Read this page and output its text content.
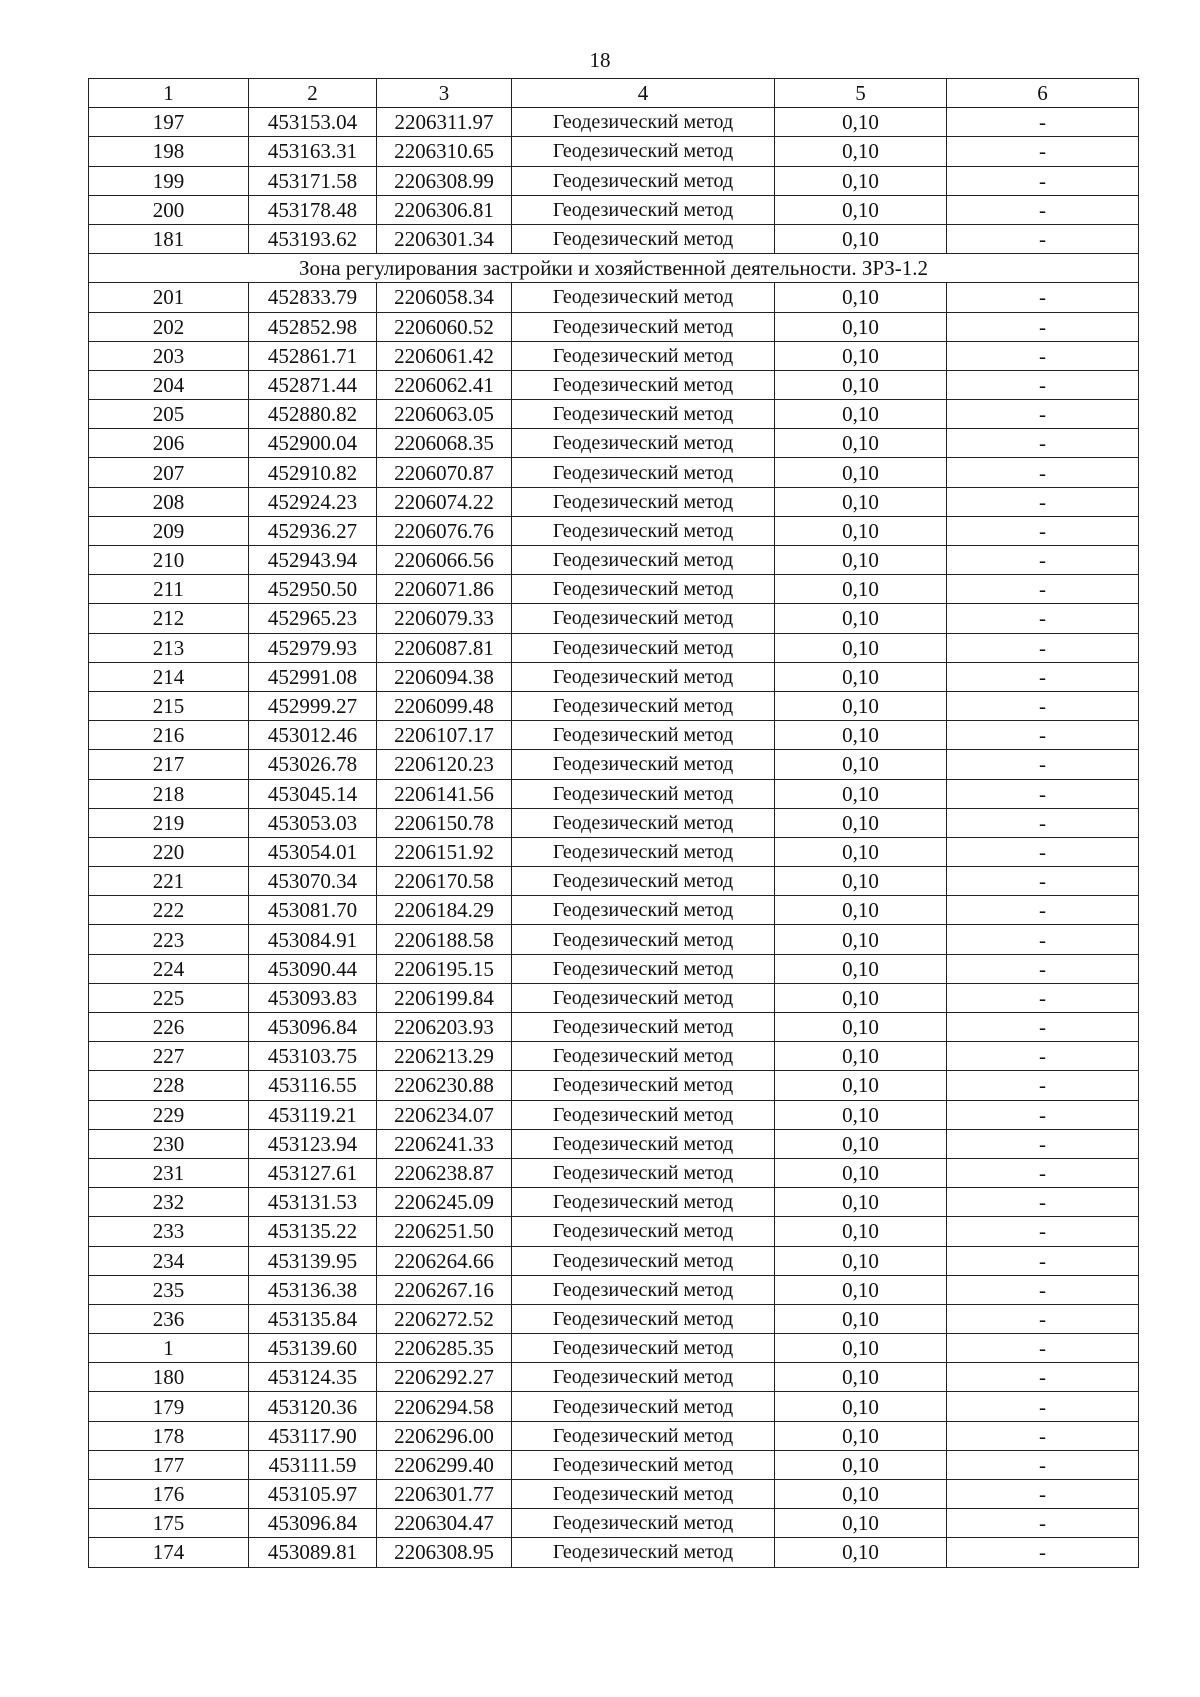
18
1	2	3	4	5	6
197	453153.04	2206311.97	Геодезический метод	0,10	-
198	453163.31	2206310.65	Геодезический метод	0,10	-
199	453171.58	2206308.99	Геодезический метод	0,10	-
200	453178.48	2206306.81	Геодезический метод	0,10	-
181	453193.62	2206301.34	Геодезический метод	0,10	-
Зона регулирования застройки и хозяйственной деятельности. ЗРЗ-1.2					
201	452833.79	2206058.34	Геодезический метод	0,10	-
202	452852.98	2206060.52	Геодезический метод	0,10	-
203	452861.71	2206061.42	Геодезический метод	0,10	-
204	452871.44	2206062.41	Геодезический метод	0,10	-
205	452880.82	2206063.05	Геодезический метод	0,10	-
206	452900.04	2206068.35	Геодезический метод	0,10	-
207	452910.82	2206070.87	Геодезический метод	0,10	-
208	452924.23	2206074.22	Геодезический метод	0,10	-
209	452936.27	2206076.76	Геодезический метод	0,10	-
210	452943.94	2206066.56	Геодезический метод	0,10	-
211	452950.50	2206071.86	Геодезический метод	0,10	-
212	452965.23	2206079.33	Геодезический метод	0,10	-
213	452979.93	2206087.81	Геодезический метод	0,10	-
214	452991.08	2206094.38	Геодезический метод	0,10	-
215	452999.27	2206099.48	Геодезический метод	0,10	-
216	453012.46	2206107.17	Геодезический метод	0,10	-
217	453026.78	2206120.23	Геодезический метод	0,10	-
218	453045.14	2206141.56	Геодезический метод	0,10	-
219	453053.03	2206150.78	Геодезический метод	0,10	-
220	453054.01	2206151.92	Геодезический метод	0,10	-
221	453070.34	2206170.58	Геодезический метод	0,10	-
222	453081.70	2206184.29	Геодезический метод	0,10	-
223	453084.91	2206188.58	Геодезический метод	0,10	-
224	453090.44	2206195.15	Геодезический метод	0,10	-
225	453093.83	2206199.84	Геодезический метод	0,10	-
226	453096.84	2206203.93	Геодезический метод	0,10	-
227	453103.75	2206213.29	Геодезический метод	0,10	-
228	453116.55	2206230.88	Геодезический метод	0,10	-
229	453119.21	2206234.07	Геодезический метод	0,10	-
230	453123.94	2206241.33	Геодезический метод	0,10	-
231	453127.61	2206238.87	Геодезический метод	0,10	-
232	453131.53	2206245.09	Геодезический метод	0,10	-
233	453135.22	2206251.50	Геодезический метод	0,10	-
234	453139.95	2206264.66	Геодезический метод	0,10	-
235	453136.38	2206267.16	Геодезический метод	0,10	-
236	453135.84	2206272.52	Геодезический метод	0,10	-
1	453139.60	2206285.35	Геодезический метод	0,10	-
180	453124.35	2206292.27	Геодезический метод	0,10	-
179	453120.36	2206294.58	Геодезический метод	0,10	-
178	453117.90	2206296.00	Геодезический метод	0,10	-
177	453111.59	2206299.40	Геодезический метод	0,10	-
176	453105.97	2206301.77	Геодезический метод	0,10	-
175	453096.84	2206304.47	Геодезический метод	0,10	-
174	453089.81	2206308.95	Геодезический метод	0,10	-
